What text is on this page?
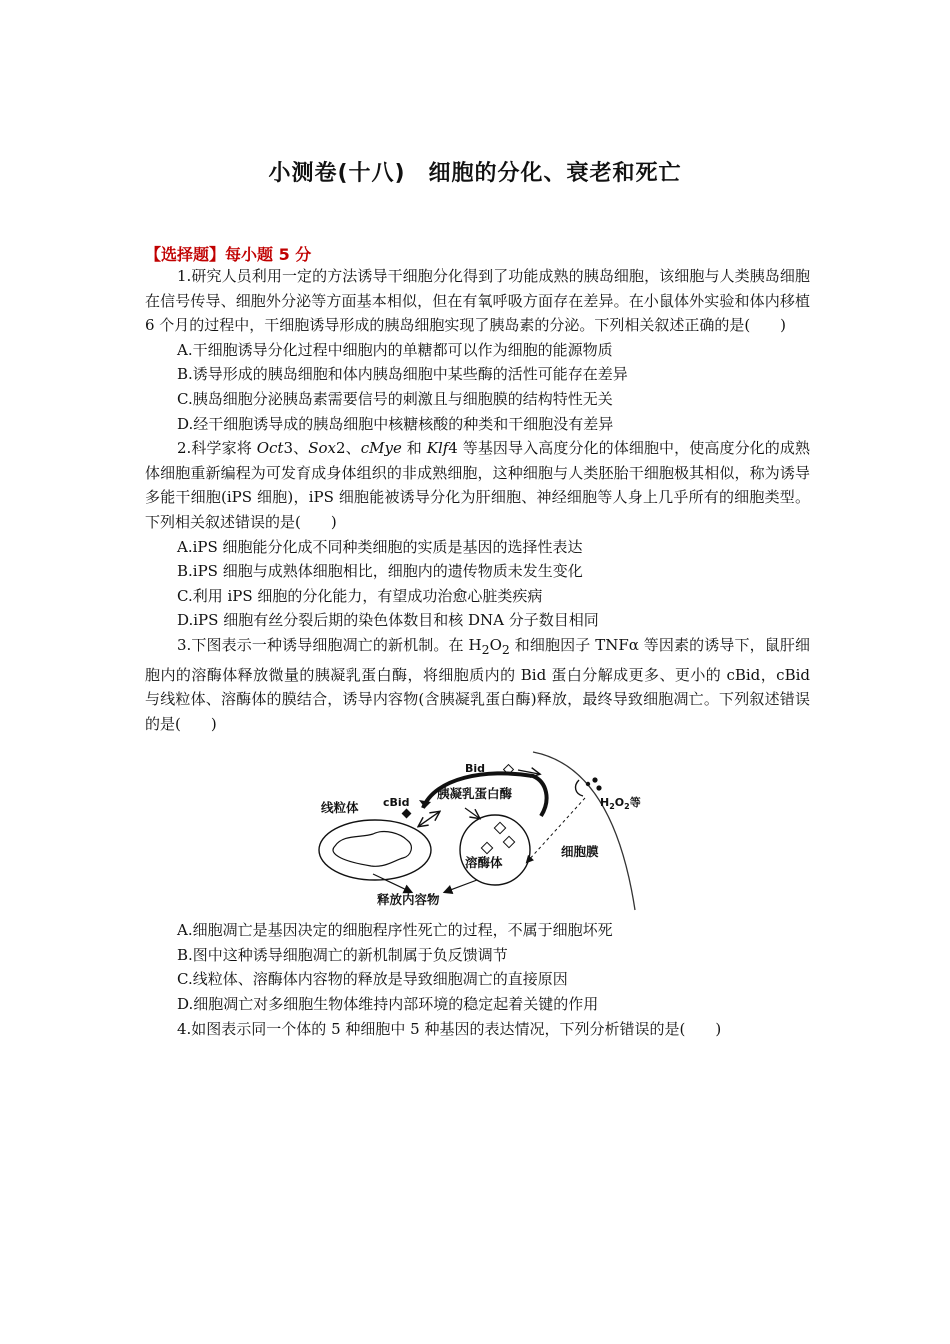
小测卷(十八)　细胞的分化、衰老和死亡
【选择题】每小题 5 分

1.研究人员利用一定的方法诱导干细胞分化得到了功能成熟的胰岛细胞，该细胞与人类胰岛细胞在信号传导、细胞外分泌等方面基本相似，但在有氧呼吸方面存在差异。在小鼠体外实验和体内移植 6 个月的过程中，干细胞诱导形成的胰岛细胞实现了胰岛素的分泌。下列相关叙述正确的是(　　)

A.干细胞诱导分化过程中细胞内的单糖都可以作为细胞的能源物质

B.诱导形成的胰岛细胞和体内胰岛细胞中某些酶的活性可能存在差异

C.胰岛细胞分泌胰岛素需要信号的刺激且与细胞膜的结构特性无关

D.经干细胞诱导成的胰岛细胞中核糖核酸的种类和干细胞没有差异

2.科学家将 Oct3、Sox2、cMye 和 Klf4 等基因导入高度分化的体细胞中，使高度分化的成熟体细胞重新编程为可发育成身体组织的非成熟细胞，这种细胞与人类胚胎干细胞极其相似，称为诱导多能干细胞(iPS 细胞)，iPS 细胞能被诱导分化为肝细胞、神经细胞等人身上几乎所有的细胞类型。下列相关叙述错误的是(　　)

A.iPS 细胞能分化成不同种类细胞的实质是基因的选择性表达

B.iPS 细胞与成熟体细胞相比，细胞内的遗传物质未发生变化

C.利用 iPS 细胞的分化能力，有望成功治愈心脏类疾病

D.iPS 细胞有丝分裂后期的染色体数目和核 DNA 分子数目相同

3.下图表示一种诱导细胞凋亡的新机制。在 $H_2O_2$ 和细胞因子 TNFα 等因素的诱导下，鼠肝细胞内的溶酶体释放微量的胰凝乳蛋白酶，将细胞质内的 Bid 蛋白分解成更多、更小的 cBid，cBid 与线粒体、溶酶体的膜结合，诱导内容物(含胰凝乳蛋白酶)释放，最终导致细胞凋亡。下列叙述错误的是(　　)

线粒体 cBid
Bid
胰凝乳蛋白酶
溶酶体
$H_2O_2$等
细胞膜
释放内容物

A.细胞凋亡是基因决定的细胞程序性死亡的过程，不属于细胞坏死

B.图中这种诱导细胞凋亡的新机制属于负反馈调节

C.线粒体、溶酶体内容物的释放是导致细胞凋亡的直接原因

D.细胞凋亡对多细胞生物体维持内部环境的稳定起着关键的作用

4.如图表示同一个体的 5 种细胞中 5 种基因的表达情况，下列分析错误的是(　　)
